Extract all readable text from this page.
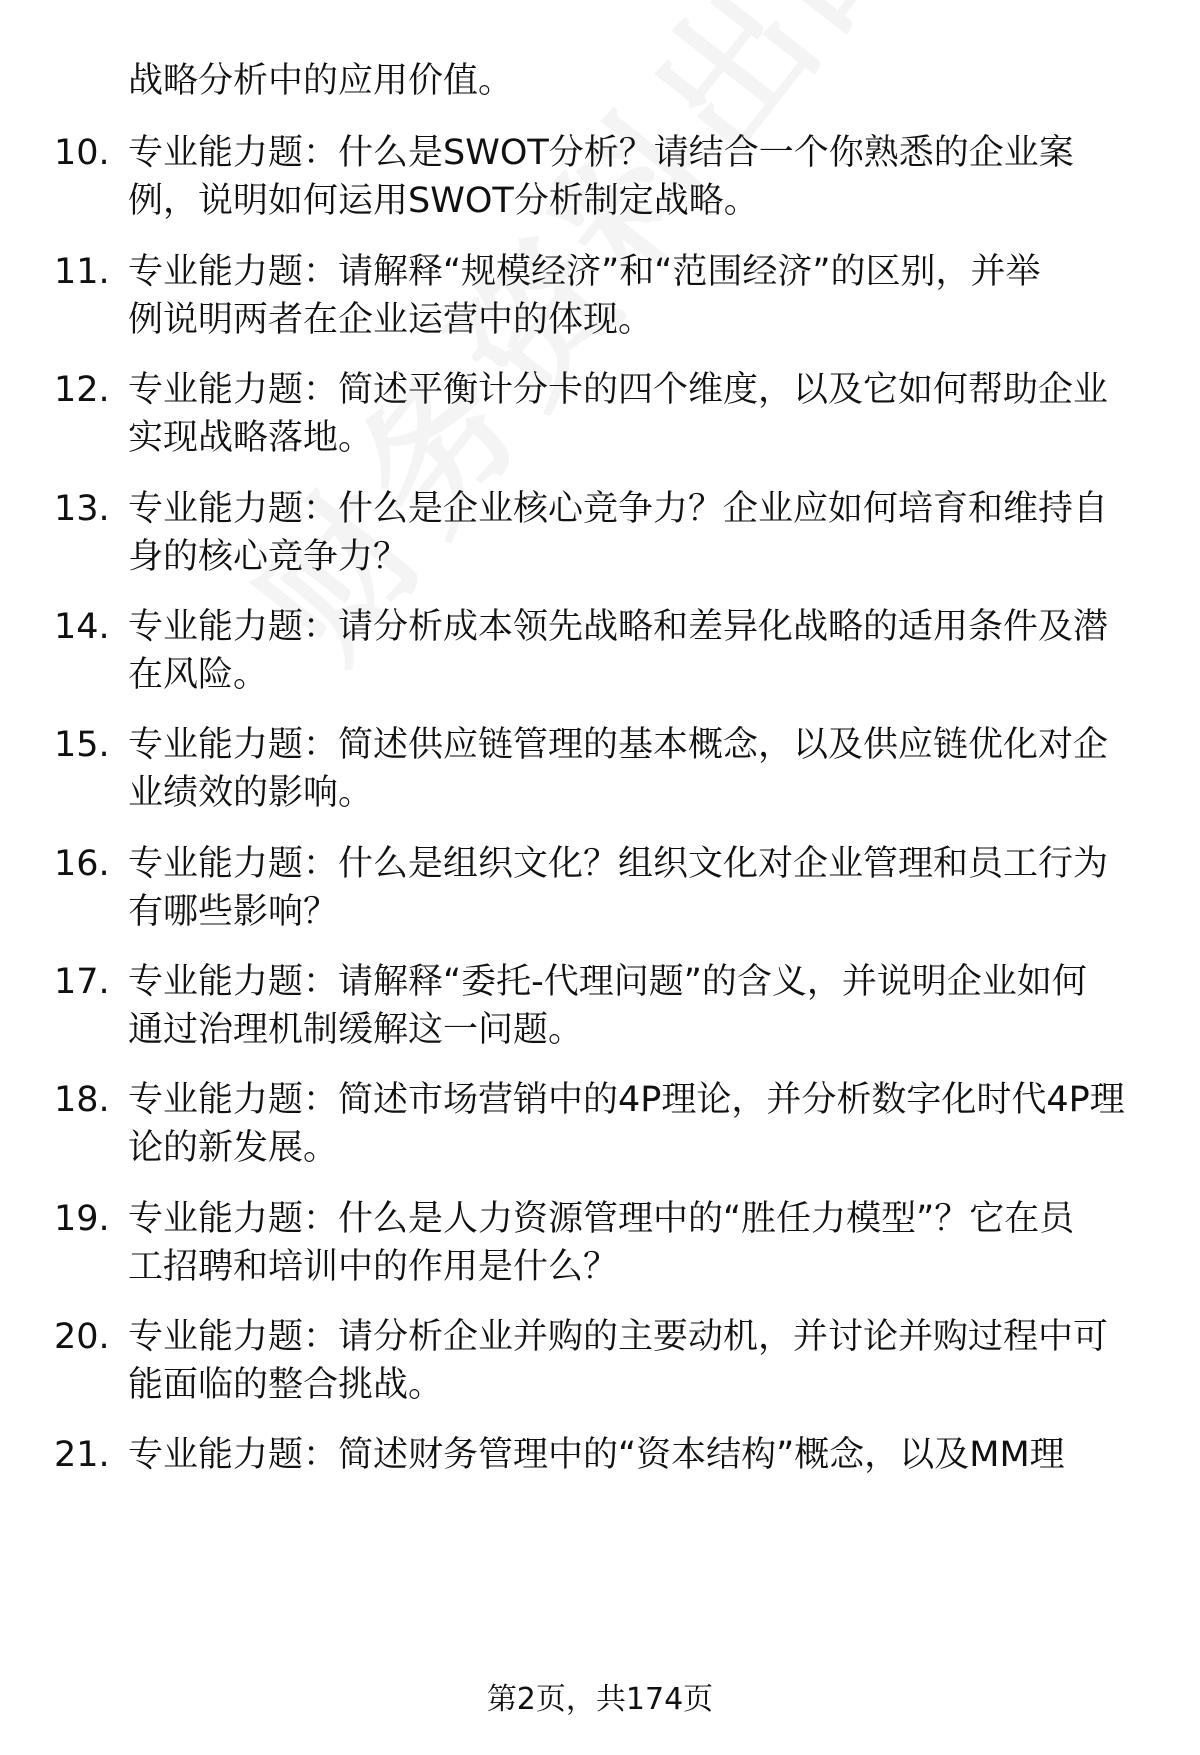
战略分析中的应用价值。
10. 专业能力题：什么是SWOT分析？请结合一个你熟悉的企业案
例，说明如何运用SWOT分析制定战略。
11. 专业能力题：请解释“规模经济”和“范围经济”的区别，并举
例说明两者在企业运营中的体现。
12. 专业能力题：简述平衡计分卡的四个维度，以及它如何帮助企业
实现战略落地。
13. 专业能力题：什么是企业核心竞争力？企业应如何培育和维持自
身的核心竞争力？
14. 专业能力题：请分析成本领先战略和差异化战略的适用条件及潜
在风险。
15. 专业能力题：简述供应链管理的基本概念，以及供应链优化对企
业绩效的影响。
16. 专业能力题：什么是组织文化？组织文化对企业管理和员工行为
有哪些影响？
17. 专业能力题：请解释“委托-代理问题”的含义，并说明企业如何
通过治理机制缓解这一问题。
18. 专业能力题：简述市场营销中的4P理论，并分析数字化时代4P理
论的新发展。
19. 专业能力题：什么是人力资源管理中的“胜任力模型”？它在员
工招聘和培训中的作用是什么？
20. 专业能力题：请分析企业并购的主要动机，并讨论并购过程中可
能面临的整合挑战。
21. 专业能力题：简述财务管理中的“资本结构”概念，以及MM理
第2页，共174页
